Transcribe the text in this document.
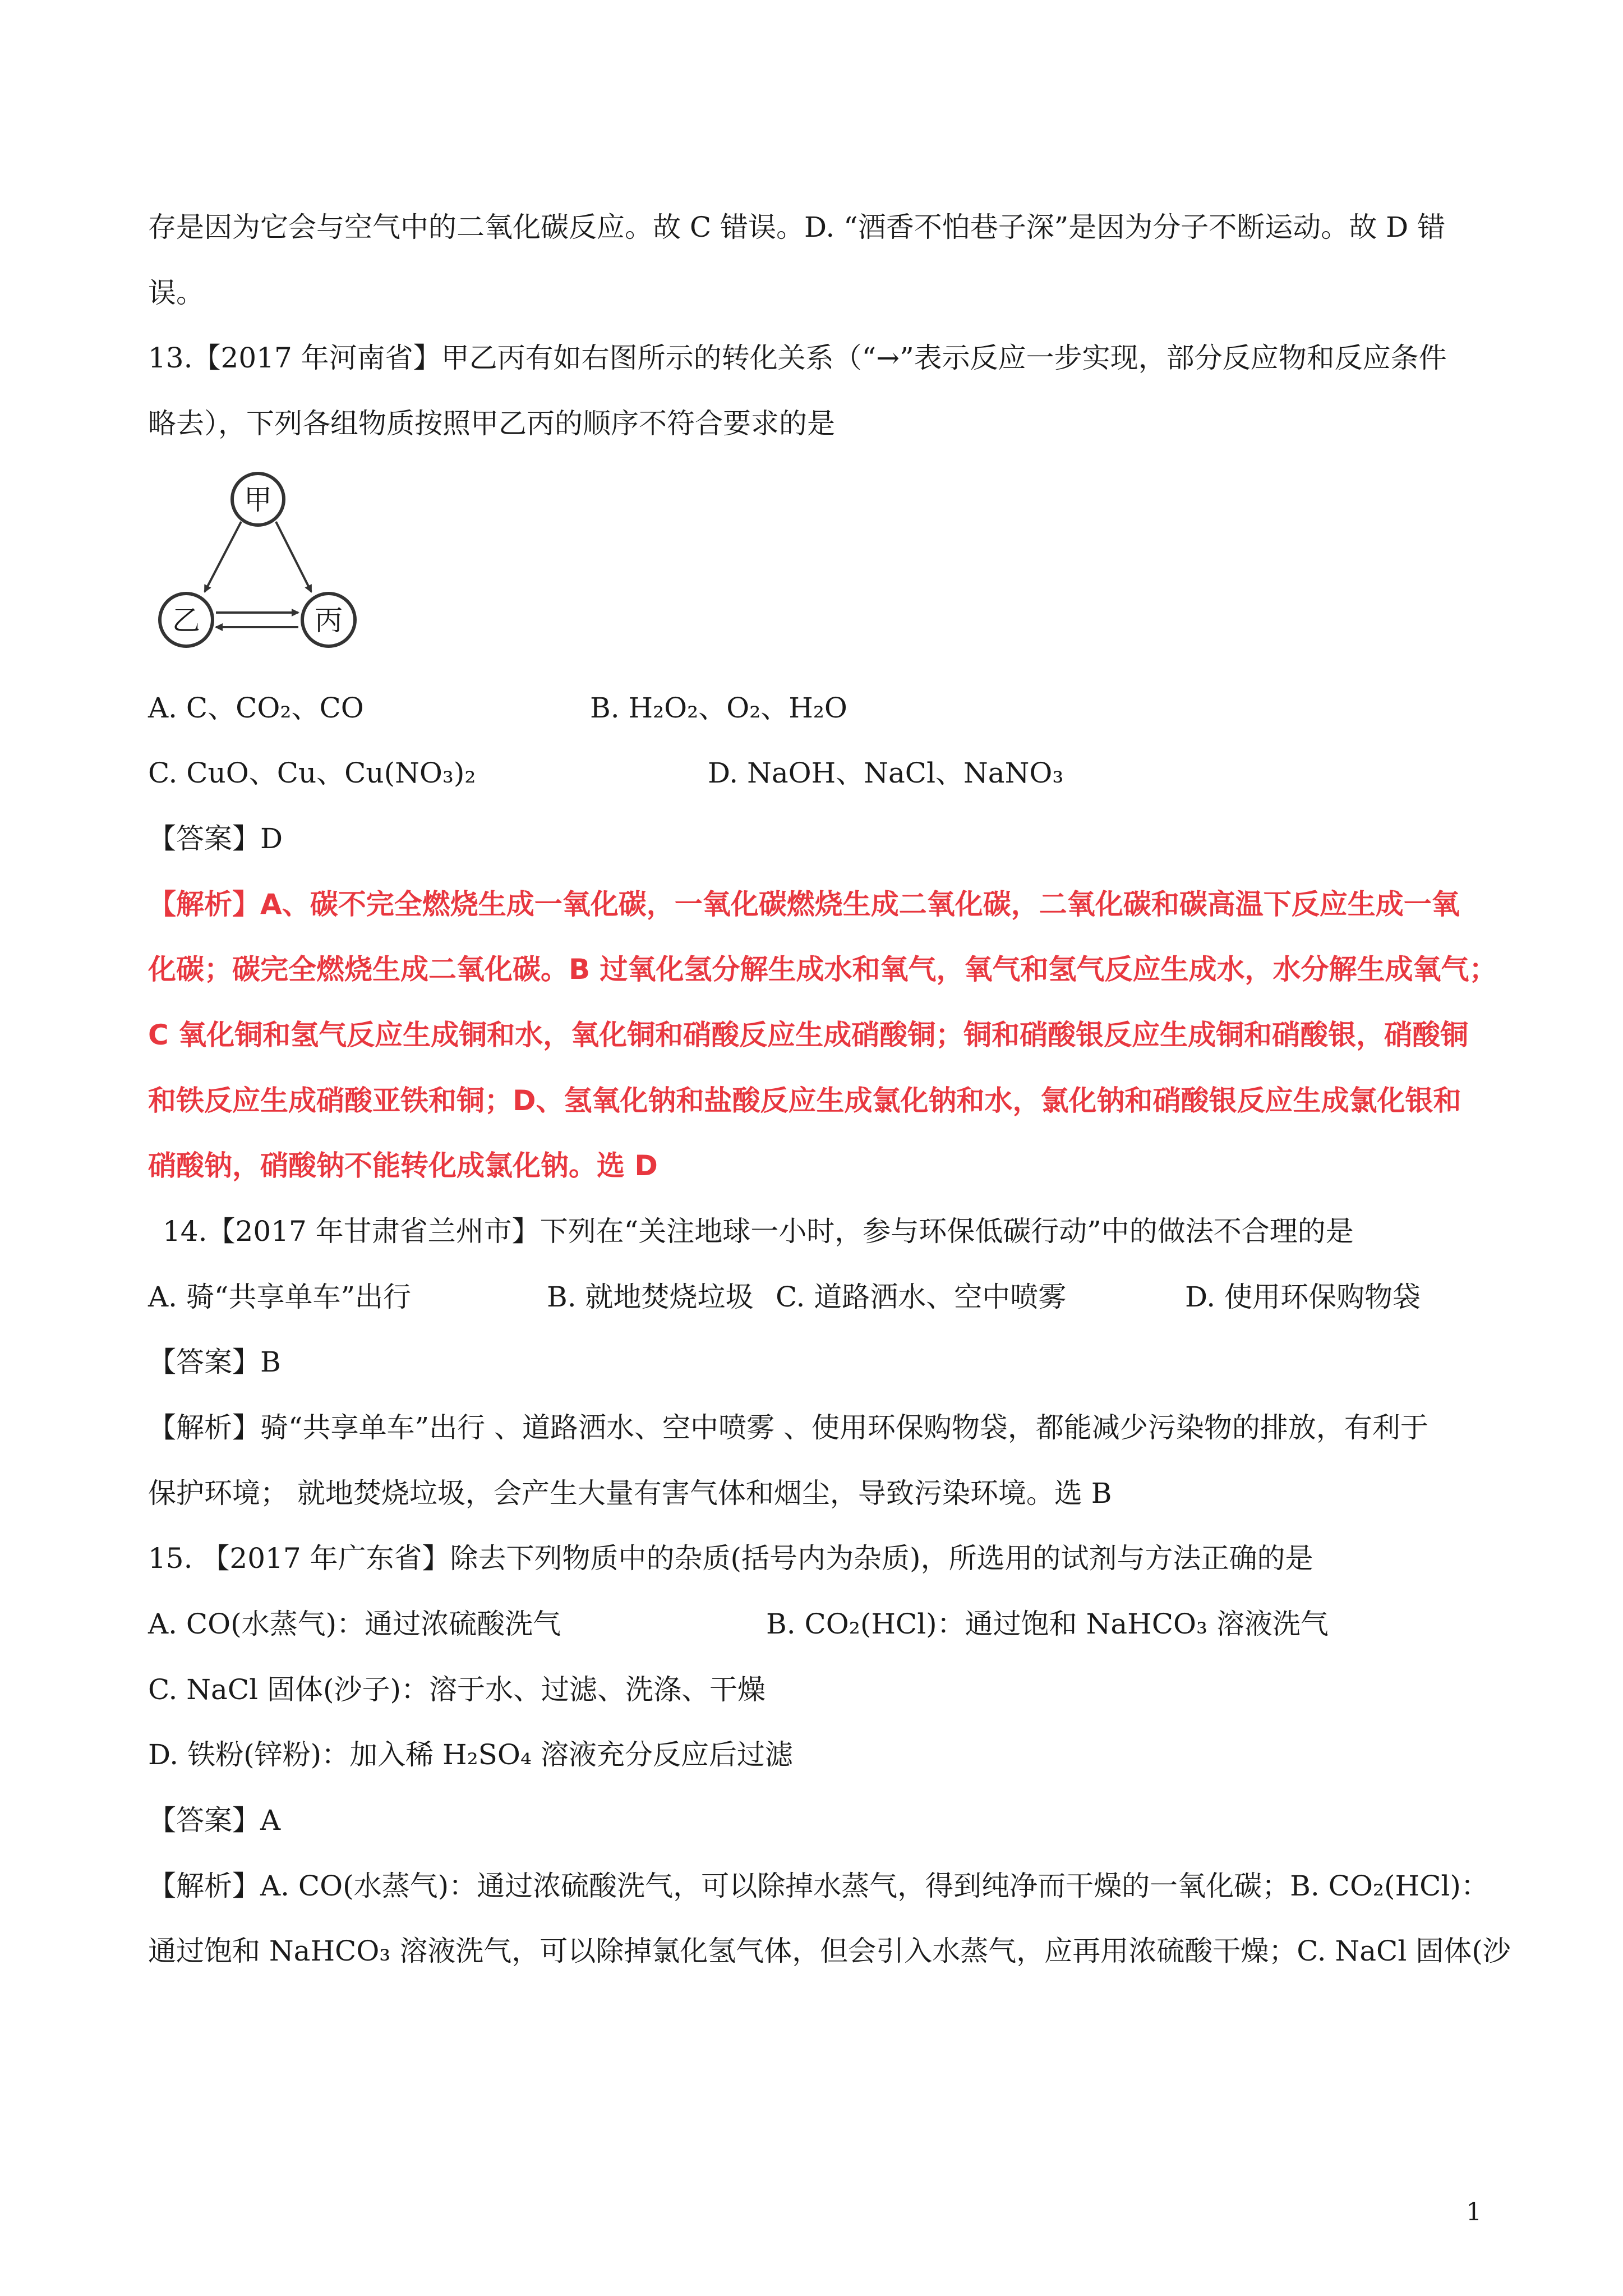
存是因为它会与空气中的二氧化碳反应。故 C 错误。D. “酒香不怕巷子深”是因为分子不断运动。故 D 错
误。
13.【2017 年河南省】甲乙丙有如右图所示的转化关系（“→”表示反应一步实现，部分反应物和反应条件
略去），下列各组物质按照甲乙丙的顺序不符合要求的是
甲
乙	丙
A. C、CO₂、CO	B. H₂O₂、O₂、H₂O
C. CuO、Cu、Cu(NO₃)₂	D. NaOH、NaCl、NaNO₃
【答案】D
【解析】A、碳不完全燃烧生成一氧化碳，一氧化碳燃烧生成二氧化碳，二氧化碳和碳高温下反应生成一氧
化碳；碳完全燃烧生成二氧化碳。B 过氧化氢分解生成水和氧气，氧气和氢气反应生成水，水分解生成氧气；
C 氧化铜和氢气反应生成铜和水，氧化铜和硝酸反应生成硝酸铜；铜和硝酸银反应生成铜和硝酸银，硝酸铜
和铁反应生成硝酸亚铁和铜；D、氢氧化钠和盐酸反应生成氯化钠和水，氯化钠和硝酸银反应生成氯化银和
硝酸钠，硝酸钠不能转化成氯化钠。选 D
14.【2017 年甘肃省兰州市】下列在“关注地球一小时，参与环保低碳行动”中的做法不合理的是
A. 骑“共享单车”出行	B. 就地焚烧垃圾 C. 道路洒水、空中喷雾	D. 使用环保购物袋
【答案】B
【解析】骑“共享单车”出行 、道路洒水、空中喷雾 、使用环保购物袋，都能减少污染物的排放，有利于
保护环境； 就地焚烧垃圾，会产生大量有害气体和烟尘，导致污染环境。选 B
15. 【2017 年广东省】除去下列物质中的杂质(括号内为杂质)，所选用的试剂与方法正确的是
A. CO(水蒸气)：通过浓硫酸洗气	B. CO₂(HCl)：通过饱和 NaHCO₃ 溶液洗气
C. NaCl 固体(沙子)：溶于水、过滤、洗涤、干燥
D. 铁粉(锌粉)：加入稀 H₂SO₄ 溶液充分反应后过滤
【答案】A
【解析】A. CO(水蒸气)：通过浓硫酸洗气，可以除掉水蒸气，得到纯净而干燥的一氧化碳；B. CO₂(HCl)：
通过饱和 NaHCO₃ 溶液洗气，可以除掉氯化氢气体，但会引入水蒸气，应再用浓硫酸干燥；C. NaCl 固体(沙
1
